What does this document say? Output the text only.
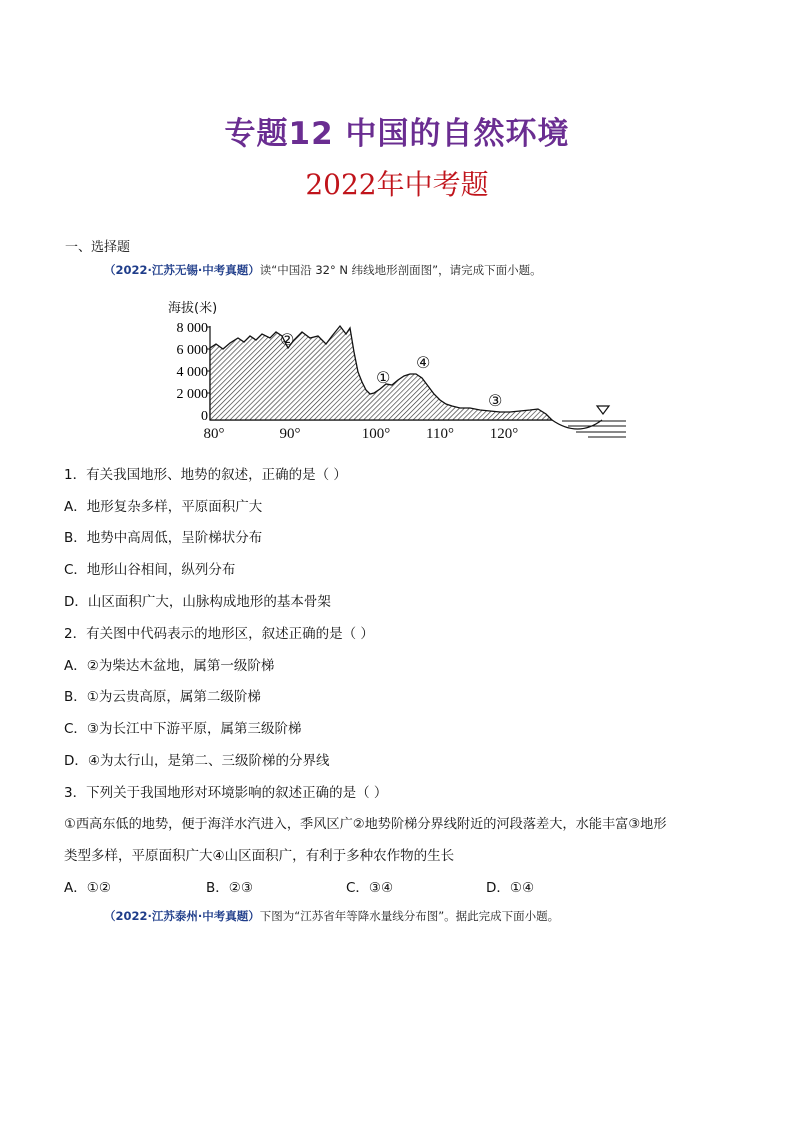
专题12 中国的自然环境
2022年中考题
一、选择题
（2022·江苏无锡·中考真题）读“中国沿 32° N 纬线地形剖面图”，请完成下面小题。
海拔(米)
8 000
6 000
4 000
2 000
0
②
①
④
③
80°	90°	100° 110° 120°
1．有关我国地形、地势的叙述，正确的是（ ）
A．地形复杂多样，平原面积广大
B．地势中高周低，呈阶梯状分布
C．地形山谷相间，纵列分布
D．山区面积广大，山脉构成地形的基本骨架
2．有关图中代码表示的地形区，叙述正确的是（ ）
A．②为柴达木盆地，属第一级阶梯
B．①为云贵高原，属第二级阶梯
C．③为长江中下游平原，属第三级阶梯
D．④为太行山，是第二、三级阶梯的分界线
3．下列关于我国地形对环境影响的叙述正确的是（ ）
①西高东低的地势，便于海洋水汽进入，季风区广②地势阶梯分界线附近的河段落差大，水能丰富③地形
类型多样，平原面积广大④山区面积广，有利于多种农作物的生长
A．①②	B．②③	C．③④	D．①④
（2022·江苏泰州·中考真题）下图为“江苏省年等降水量线分布图”。据此完成下面小题。
